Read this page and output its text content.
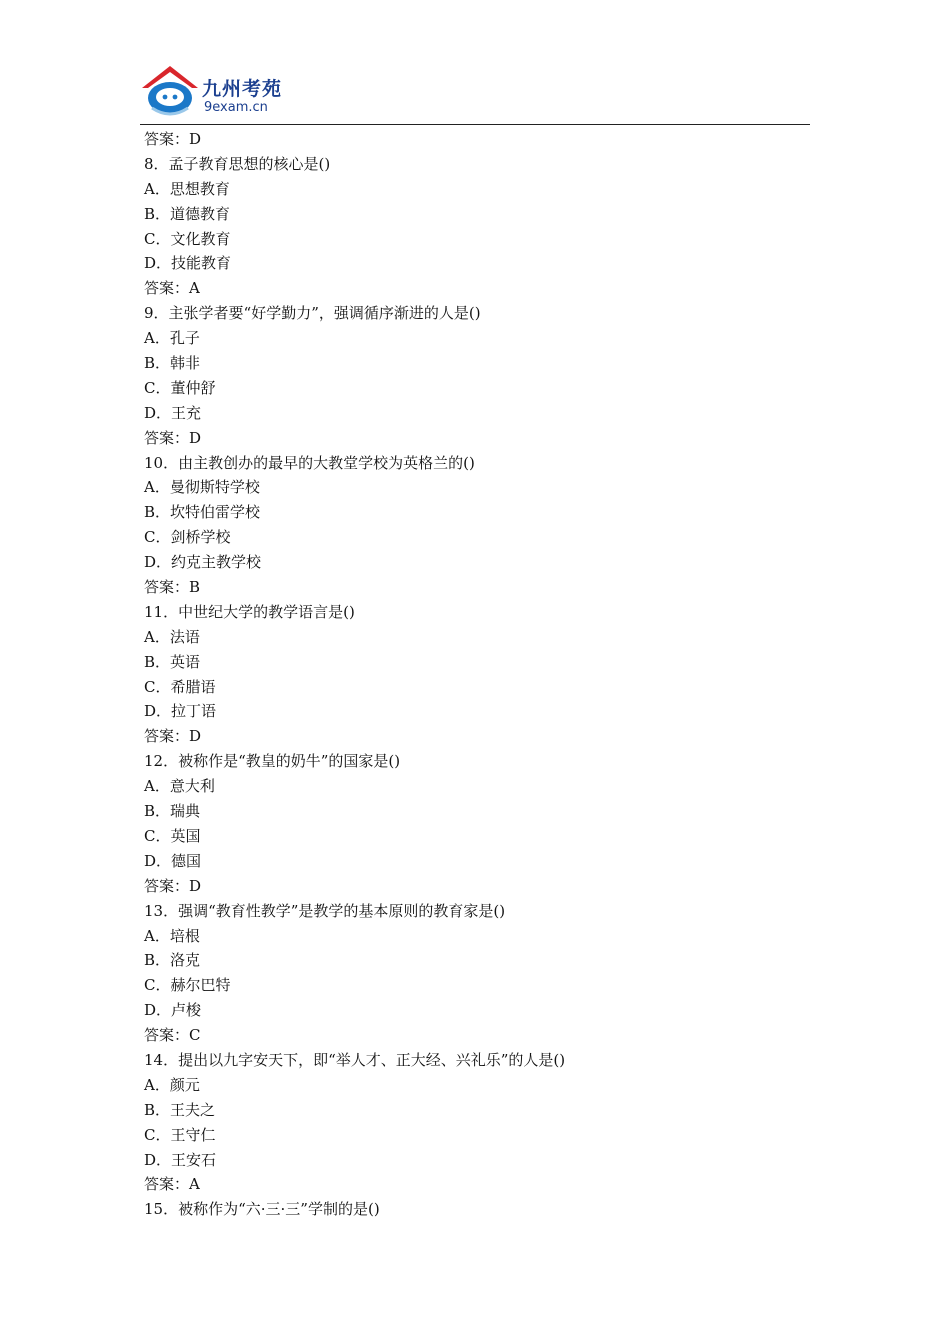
九州考苑
9exam.cn
答案：D
8．孟子教育思想的核心是()
A．思想教育
B．道德教育
C．文化教育
D．技能教育
答案：A
9．主张学者要“好学勤力”，强调循序渐进的人是()
A．孔子
B．韩非
C．董仲舒
D．王充
答案：D
10．由主教创办的最早的大教堂学校为英格兰的()
A．曼彻斯特学校
B．坎特伯雷学校
C．剑桥学校
D．约克主教学校
答案：B
11．中世纪大学的教学语言是()
A．法语
B．英语
C．希腊语
D．拉丁语
答案：D
12．被称作是“教皇的奶牛”的国家是()
A．意大利
B．瑞典
C．英国
D．德国
答案：D
13．强调“教育性教学”是教学的基本原则的教育家是()
A．培根
B．洛克
C．赫尔巴特
D．卢梭
答案：C
14．提出以九字安天下，即“举人才、正大经、兴礼乐”的人是()
A．颜元
B．王夫之
C．王守仁
D．王安石
答案：A
15．被称作为“六·三·三”学制的是()
